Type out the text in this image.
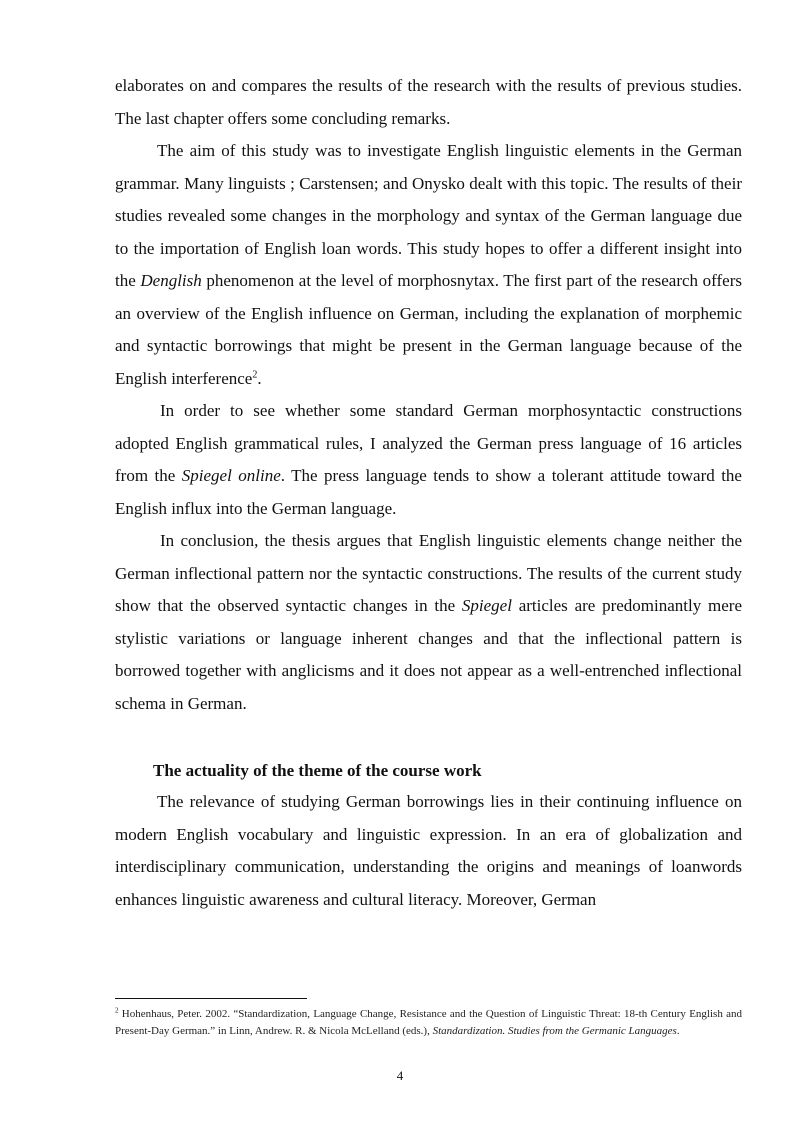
elaborates on and compares the results of the research with the results of previous studies. The last chapter offers some concluding remarks.

The aim of this study was to investigate English linguistic elements in the German grammar. Many linguists ; Carstensen; and Onysko dealt with this topic. The results of their studies revealed some changes in the morphology and syntax of the German language due to the importation of English loan words. This study hopes to offer a different insight into the Denglish phenomenon at the level of morphosnytax. The first part of the research offers an overview of the English influence on German, including the explanation of morphemic and syntactic borrowings that might be present in the German language because of the English interference$^2$.

In order to see whether some standard German morphosyntactic constructions adopted English grammatical rules, I analyzed the German press language of 16 articles from the Spiegel online. The press language tends to show a tolerant attitude toward the English influx into the German language.

In conclusion, the thesis argues that English linguistic elements change neither the German inflectional pattern nor the syntactic constructions. The results of the current study show that the observed syntactic changes in the Spiegel articles are predominantly mere stylistic variations or language inherent changes and that the inflectional pattern is borrowed together with anglicisms and it does not appear as a well-entrenched inflectional schema in German.

The actuality of the theme of the course work

The relevance of studying German borrowings lies in their continuing influence on modern English vocabulary and linguistic expression. In an era of globalization and interdisciplinary communication, understanding the origins and meanings of loanwords enhances linguistic awareness and cultural literacy. Moreover, German

$^2$ Hohenhaus, Peter. 2002. “Standardization, Language Change, Resistance and the Question of Linguistic Threat: 18-th Century English and Present-Day German.” in Linn, Andrew. R. & Nicola McLelland (eds.), Standardization. Studies from the Germanic Languages.
4
